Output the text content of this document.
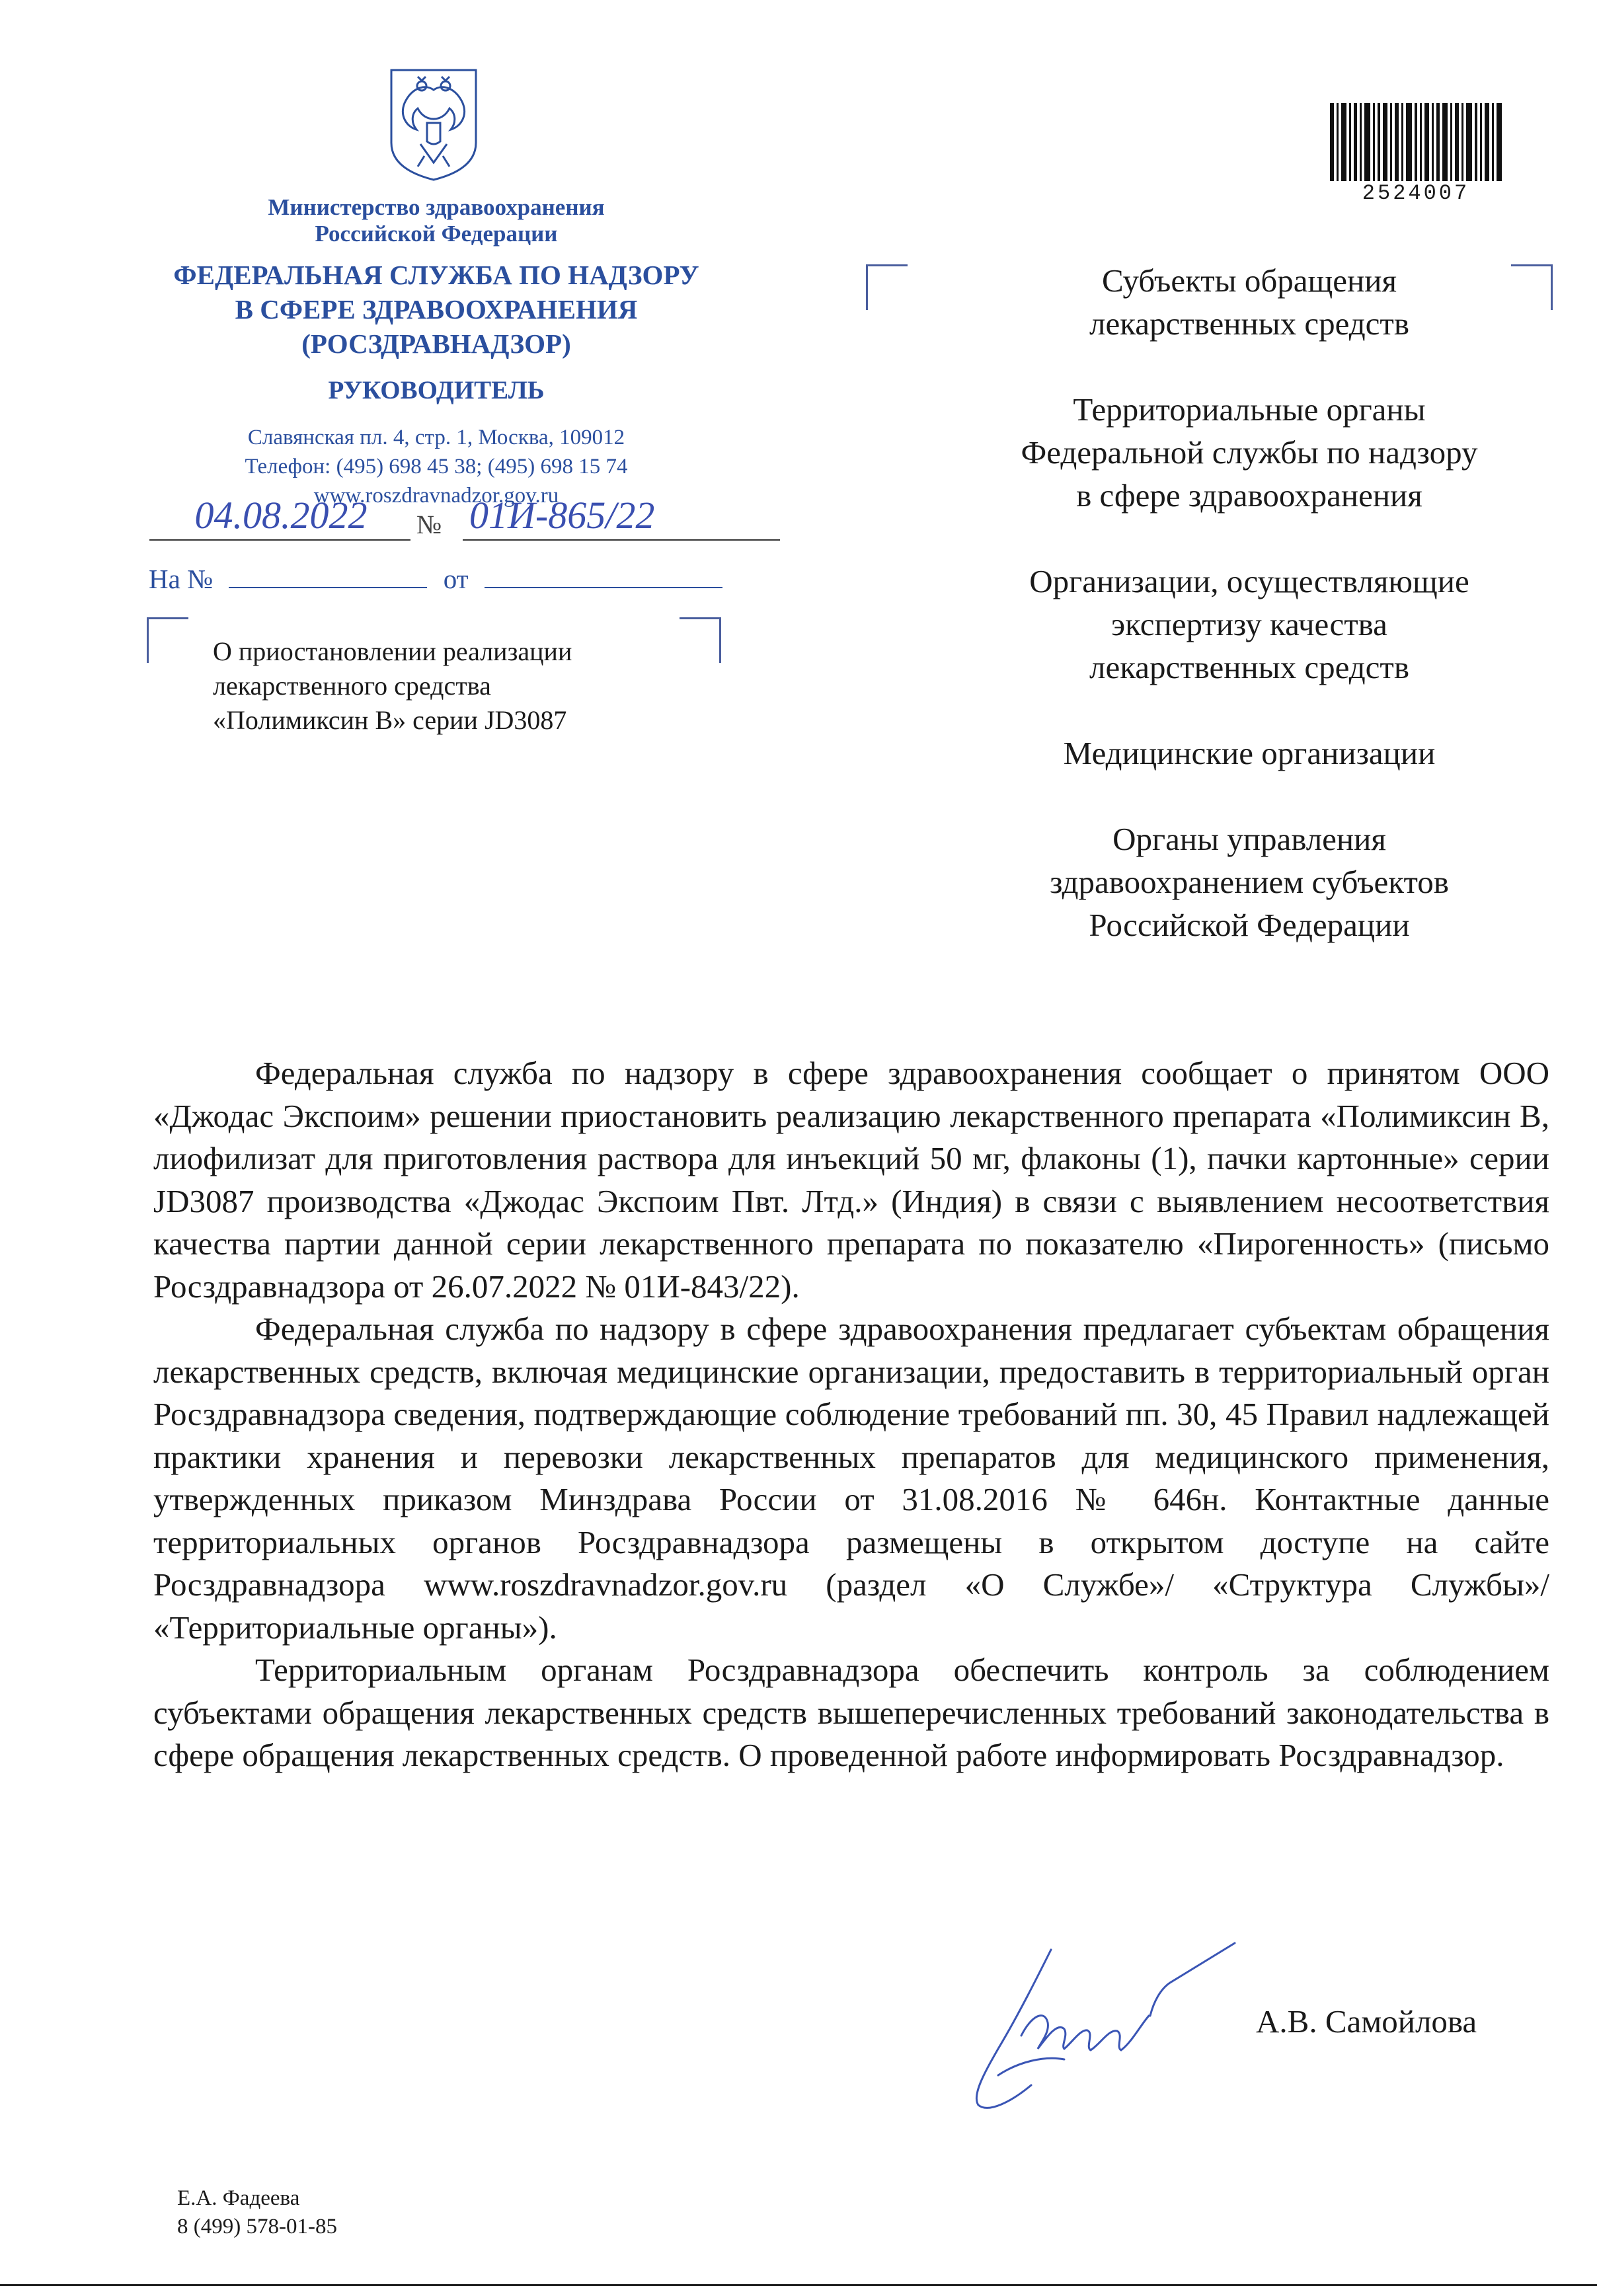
Министерство здравоохранения
Российской Федерации
ФЕДЕРАЛЬНАЯ СЛУЖБА ПО НАДЗОРУ
В СФЕРЕ ЗДРАВООХРАНЕНИЯ
(РОСЗДРАВНАДЗОР)
РУКОВОДИТЕЛЬ
Славянская пл. 4, стр. 1, Москва, 109012
Телефон: (495) 698 45 38; (495) 698 15 74
www.roszdravnadzor.gov.ru
04.08.2022	№ 01И-865/22
На №	от
О приостановлении реализации
лекарственного средства
«Полимиксин В» серии JD3087
2524007
Субъекты обращения
лекарственных средств
Территориальные органы
Федеральной службы по надзору
в сфере здравоохранения
Организации, осуществляющие
экспертизу качества
лекарственных средств
Медицинские организации
Органы управления
здравоохранением субъектов
Российской Федерации

Федеральная служба по надзору в сфере здравоохранения сообщает о принятом ООО «Джодас Экспоим» решении приостановить реализацию лекарственного препарата «Полимиксин В, лиофилизат для приготовления раствора для инъекций 50 мг, флаконы (1), пачки картонные» серии JD3087 производства «Джодас Экспоим Пвт. Лтд.» (Индия) в связи с выявлением несоответствия качества партии данной серии лекарственного препарата по показателю «Пирогенность» (письмо Росздравнадзора от 26.07.2022 № 01И-843/22).

Федеральная служба по надзору в сфере здравоохранения предлагает субъектам обращения лекарственных средств, включая медицинские организации, предоставить в территориальный орган Росздравнадзора сведения, подтверждающие соблюдение требований пп. 30, 45 Правил надлежащей практики хранения и перевозки лекарственных препаратов для медицинского применения, утвержденных приказом Минздрава России от 31.08.2016 № 646н. Контактные данные территориальных органов Росздравнадзора размещены в открытом доступе на сайте Росздравнадзора www.roszdravnadzor.gov.ru (раздел «О Службе»/ «Структура Службы»/ «Территориальные органы»).

Территориальным органам Росздравнадзора обеспечить контроль за соблюдением субъектами обращения лекарственных средств вышеперечисленных требований законодательства в сфере обращения лекарственных средств. О проведенной работе информировать Росздравнадзор.

А.В. Самойлова
Е.А. Фадеева
8 (499) 578-01-85
